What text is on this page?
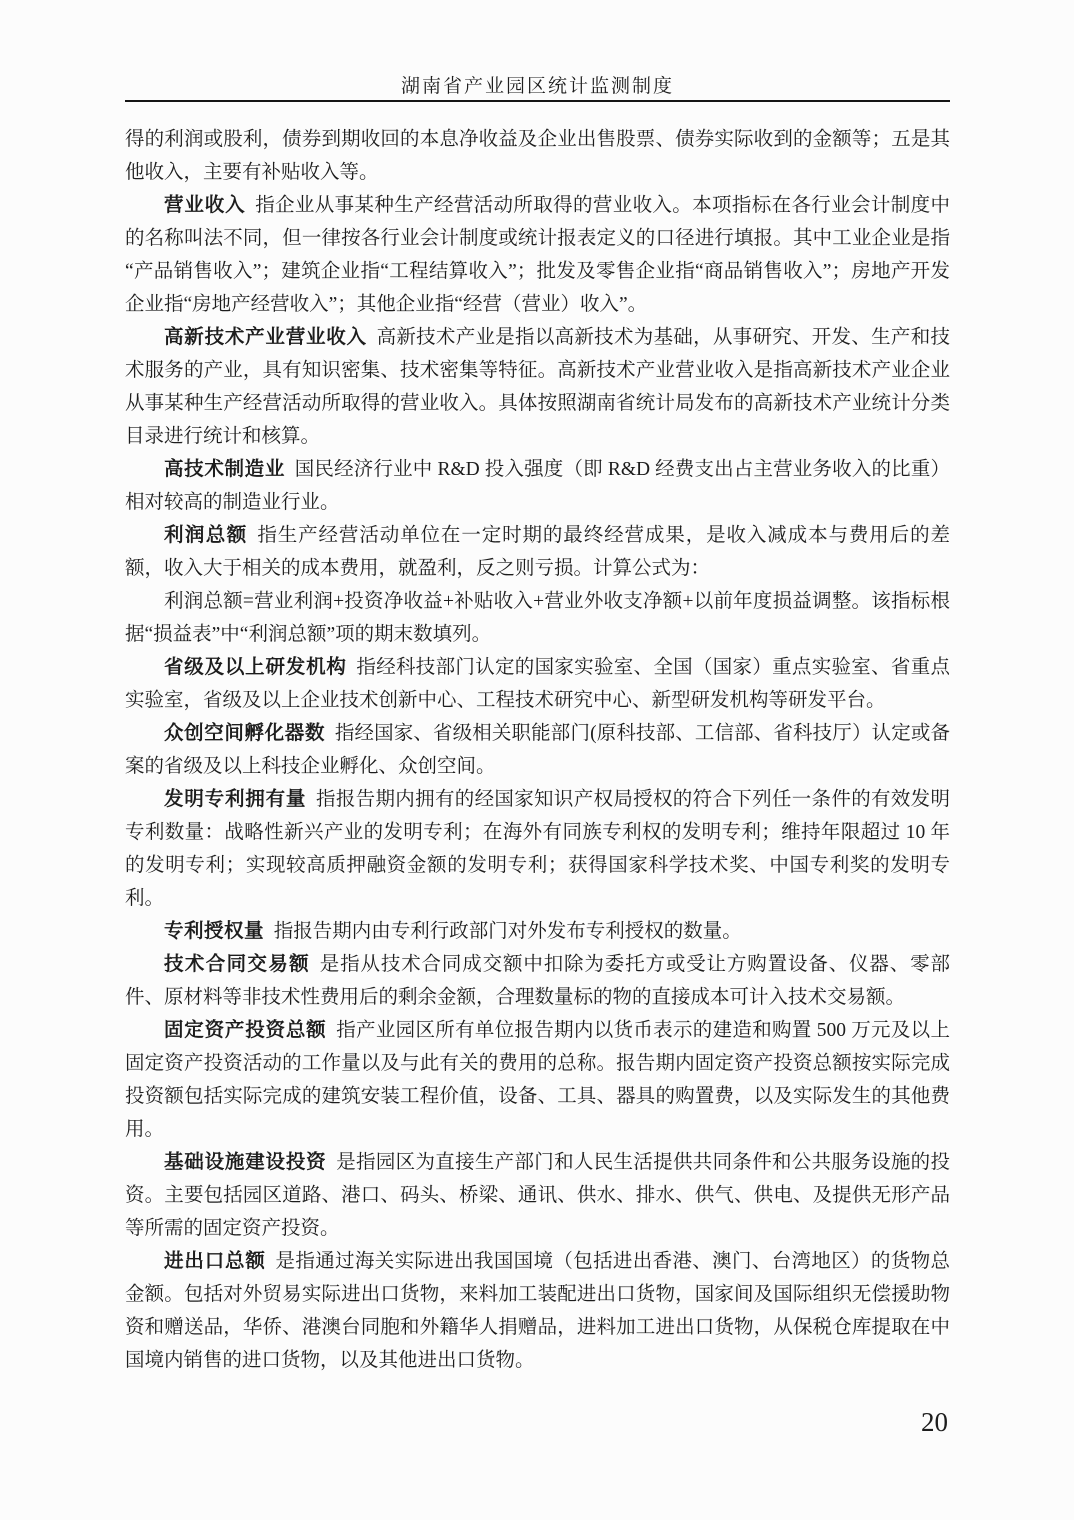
湖南省产业园区统计监测制度

得的利润或股利，债券到期收回的本息净收益及企业出售股票、债券实际收到的金额等；五是其他收入，主要有补贴收入等。

营业收入 指企业从事某种生产经营活动所取得的营业收入。本项指标在各行业会计制度中的名称叫法不同，但一律按各行业会计制度或统计报表定义的口径进行填报。其中工业企业是指“产品销售收入”；建筑企业指“工程结算收入”；批发及零售企业指“商品销售收入”；房地产开发企业指“房地产经营收入”；其他企业指“经营（营业）收入”。

高新技术产业营业收入 高新技术产业是指以高新技术为基础，从事研究、开发、生产和技术服务的产业，具有知识密集、技术密集等特征。高新技术产业营业收入是指高新技术产业企业从事某种生产经营活动所取得的营业收入。具体按照湖南省统计局发布的高新技术产业统计分类目录进行统计和核算。

高技术制造业 国民经济行业中 R&D 投入强度（即 R&D 经费支出占主营业务收入的比重）相对较高的制造业行业。

利润总额 指生产经营活动单位在一定时期的最终经营成果，是收入减成本与费用后的差额，收入大于相关的成本费用，就盈利，反之则亏损。计算公式为：

利润总额=营业利润+投资净收益+补贴收入+营业外收支净额+以前年度损益调整。该指标根据“损益表”中“利润总额”项的期末数填列。

省级及以上研发机构 指经科技部门认定的国家实验室、全国（国家）重点实验室、省重点实验室，省级及以上企业技术创新中心、工程技术研究中心、新型研发机构等研发平台。

众创空间孵化器数 指经国家、省级相关职能部门(原科技部、工信部、省科技厅）认定或备案的省级及以上科技企业孵化、众创空间。

发明专利拥有量 指报告期内拥有的经国家知识产权局授权的符合下列任一条件的有效发明专利数量：战略性新兴产业的发明专利；在海外有同族专利权的发明专利；维持年限超过 10 年的发明专利；实现较高质押融资金额的发明专利；获得国家科学技术奖、中国专利奖的发明专利。

专利授权量 指报告期内由专利行政部门对外发布专利授权的数量。

技术合同交易额 是指从技术合同成交额中扣除为委托方或受让方购置设备、仪器、零部件、原材料等非技术性费用后的剩余金额，合理数量标的物的直接成本可计入技术交易额。

固定资产投资总额 指产业园区所有单位报告期内以货币表示的建造和购置 500 万元及以上固定资产投资活动的工作量以及与此有关的费用的总称。报告期内固定资产投资总额按实际完成投资额包括实际完成的建筑安装工程价值，设备、工具、器具的购置费，以及实际发生的其他费用。

基础设施建设投资 是指园区为直接生产部门和人民生活提供共同条件和公共服务设施的投资。主要包括园区道路、港口、码头、桥梁、通讯、供水、排水、供气、供电、及提供无形产品等所需的固定资产投资。

进出口总额 是指通过海关实际进出我国国境（包括进出香港、澳门、台湾地区）的货物总金额。包括对外贸易实际进出口货物，来料加工装配进出口货物，国家间及国际组织无偿援助物资和赠送品，华侨、港澳台同胞和外籍华人捐赠品，进料加工进出口货物，从保税仓库提取在中国境内销售的进口货物，以及其他进出口货物。

20
